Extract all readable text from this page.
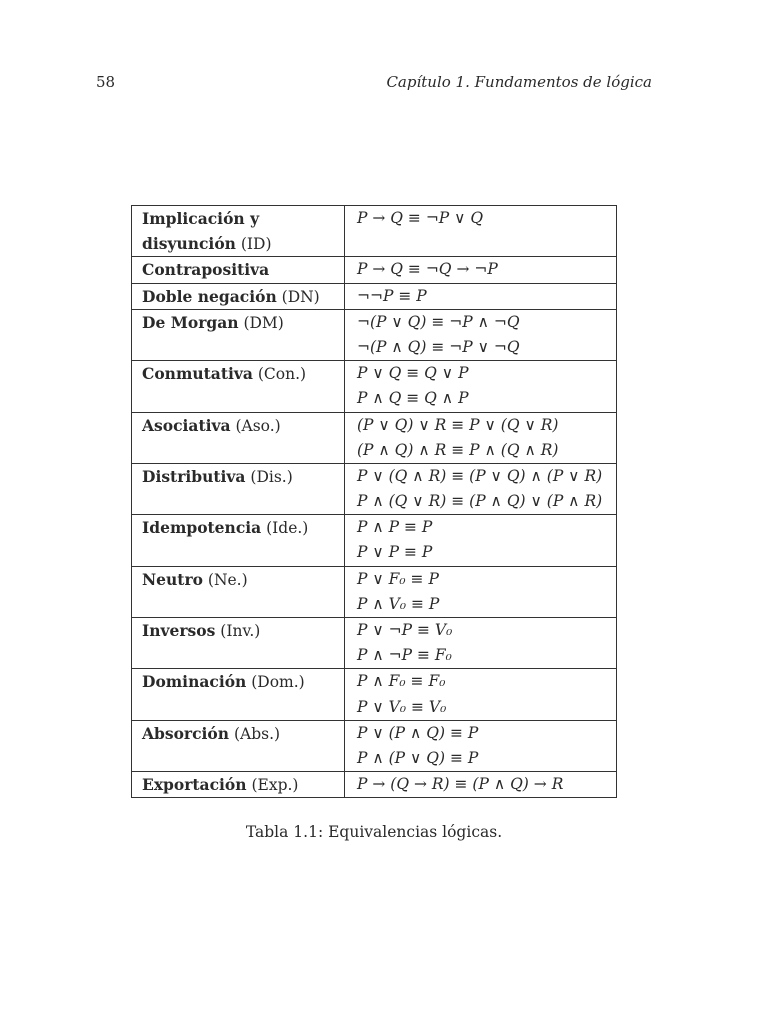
58	Capítulo 1. Fundamentos de lógica
Implicación y
disyunción (ID)	P → Q ≡ ¬P ∨ Q

Contrapositiva	P → Q ≡ ¬Q → ¬P

Doble negación (DN)	¬¬P ≡ P

De Morgan (DM)	¬(P ∨ Q) ≡ ¬P ∧ ¬Q
¬(P ∧ Q) ≡ ¬P ∨ ¬Q

Conmutativa (Con.)	P ∨ Q ≡ Q ∨ P
P ∧ Q ≡ Q ∧ P

Asociativa (Aso.)	(P ∨ Q) ∨ R ≡ P ∨ (Q ∨ R)
(P ∧ Q) ∧ R ≡ P ∧ (Q ∧ R)

Distributiva (Dis.)	P ∨ (Q ∧ R) ≡ (P ∨ Q) ∧ (P ∨ R)
P ∧ (Q ∨ R) ≡ (P ∧ Q) ∨ (P ∧ R)

Idempotencia (Ide.)	P ∧ P ≡ P
P ∨ P ≡ P

Neutro (Ne.)	P ∨ F₀ ≡ P
P ∧ V₀ ≡ P

Inversos (Inv.)	P ∨ ¬P ≡ V₀
P ∧ ¬P ≡ F₀

Dominación (Dom.)	P ∧ F₀ ≡ F₀
P ∨ V₀ ≡ V₀

Absorción (Abs.)	P ∨ (P ∧ Q) ≡ P
P ∧ (P ∨ Q) ≡ P

Exportación (Exp.)	P → (Q → R) ≡ (P ∧ Q) → R
Tabla 1.1: Equivalencias lógicas.
